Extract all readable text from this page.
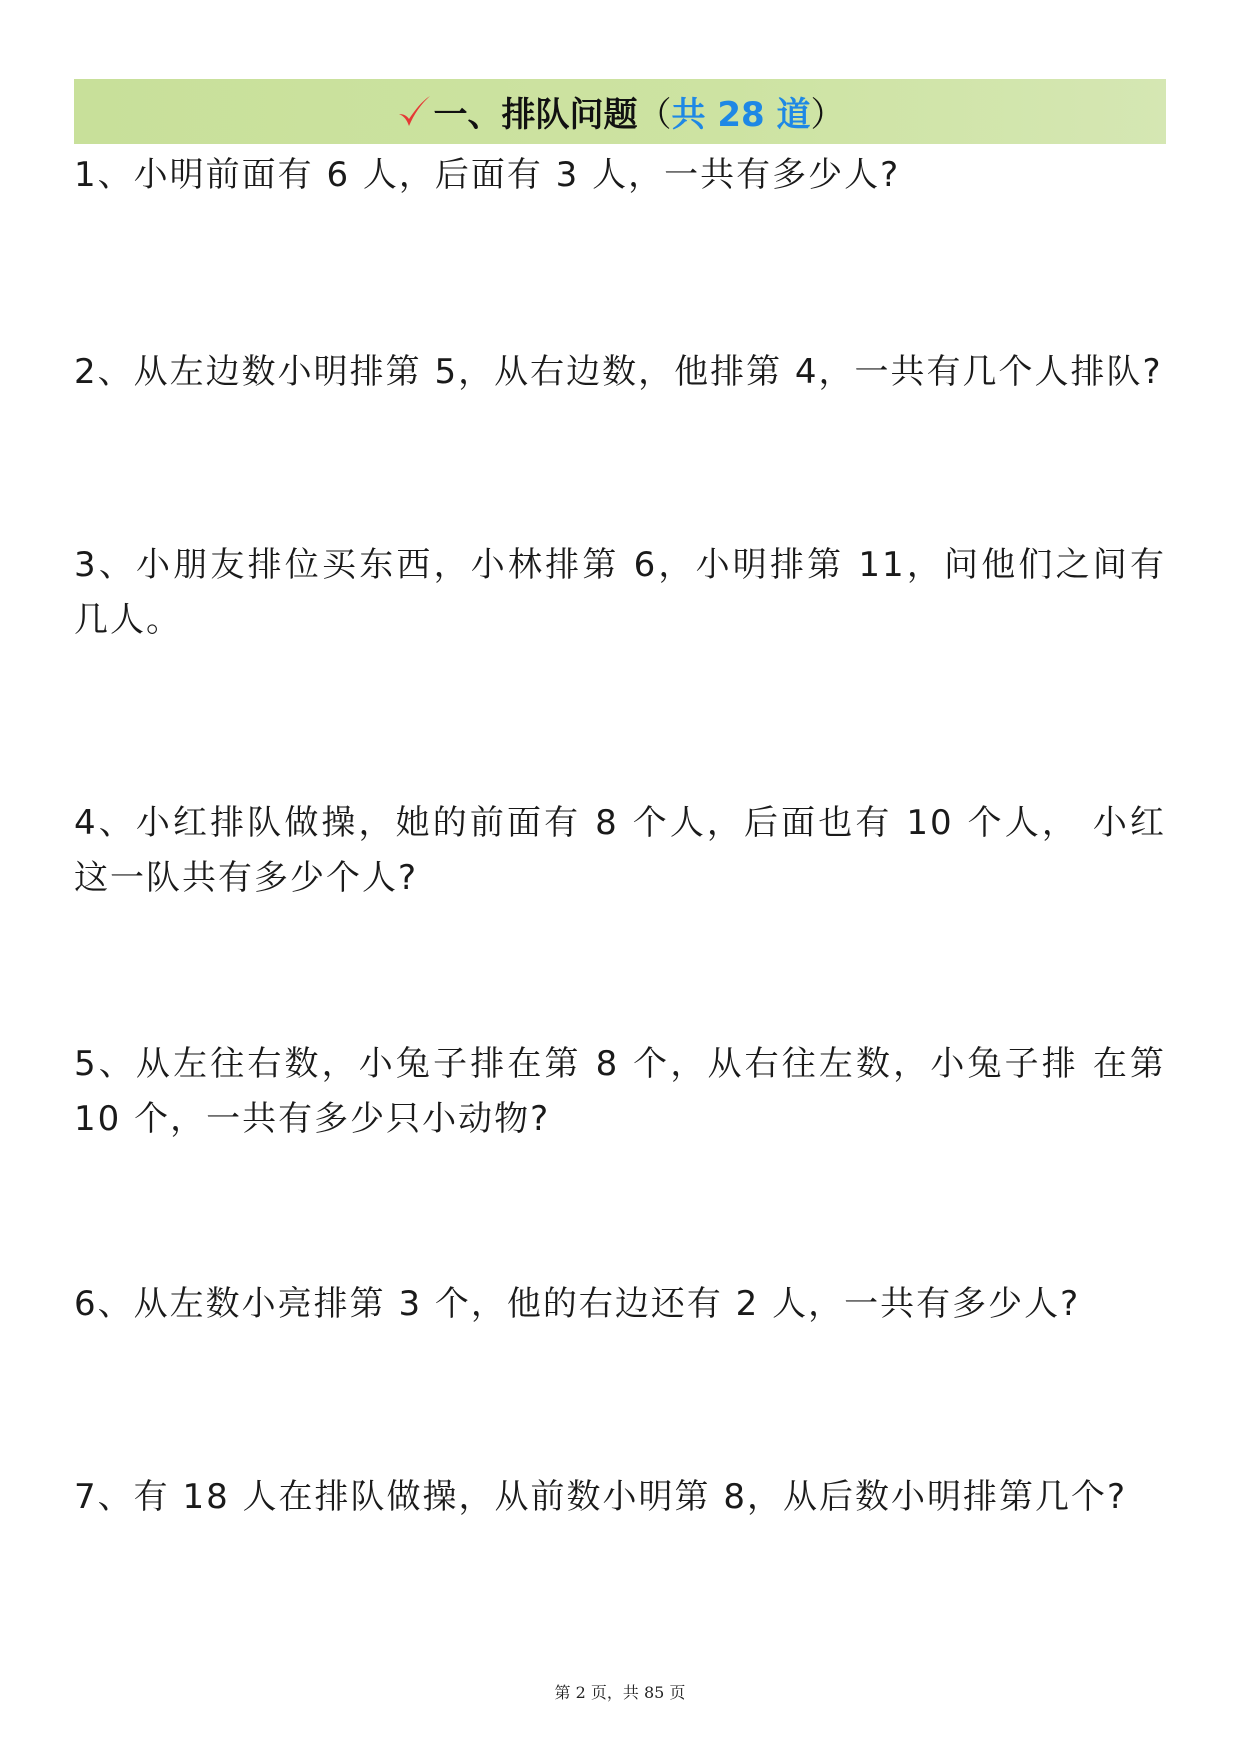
一、排队问题 （ 共 28 道 ）
1、小明前面有 6 人，后面有 3 人，一共有多少人?
2、从左边数小明排第 5，从右边数，他排第 4，一共有几个人排队?
3、小朋友排位买东西，小林排第 6，小明排第 11，问他们之间有几人。
4、小红排队做操，她的前面有 8 个人，后面也有 10 个人， 小红这一队共有多少个人?
5、从左往右数，小兔子排在第 8 个，从右往左数，小兔子排 在第 10 个，一共有多少只小动物?
6、从左数小亮排第 3 个，他的右边还有 2 人，一共有多少人?
7、有 18 人在排队做操，从前数小明第 8，从后数小明排第几个?
第 2 页，共 85 页
